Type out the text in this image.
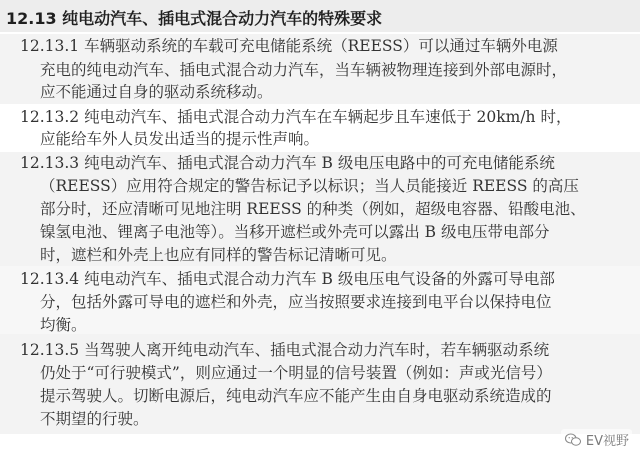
12.13 纯电动汽车、插电式混合动力汽车的特殊要求
12.13.1 车辆驱动系统的车载可充电储能系统（REESS）可以通过车辆外电源
充电的纯电动汽车、插电式混合动力汽车，当车辆被物理连接到外部电源时，
应不能通过自身的驱动系统移动。
12.13.2 纯电动汽车、插电式混合动力汽车在车辆起步且车速低于 20km/h 时，
应能给车外人员发出适当的提示性声响。
12.13.3 纯电动汽车、插电式混合动力汽车 B 级电压电路中的可充电储能系统
（REESS）应用符合规定的警告标记予以标识；当人员能接近 REESS 的高压
部分时，还应清晰可见地注明 REESS 的种类（例如，超级电容器、铅酸电池、
镍氢电池、锂离子电池等）。当移开遮栏或外壳可以露出 B 级电压带电部分
时，遮栏和外壳上也应有同样的警告标记清晰可见。
12.13.4 纯电动汽车、插电式混合动力汽车 B 级电压电气设备的外露可导电部
分，包括外露可导电的遮栏和外壳，应当按照要求连接到电平台以保持电位
均衡。
12.13.5 当驾驶人离开纯电动汽车、插电式混合动力汽车时，若车辆驱动系统
仍处于“可行驶模式”，则应通过一个明显的信号装置（例如：声或光信号）
提示驾驶人。切断电源后，纯电动汽车应不能产生由自身电驱动系统造成的
不期望的行驶。
EV视野
